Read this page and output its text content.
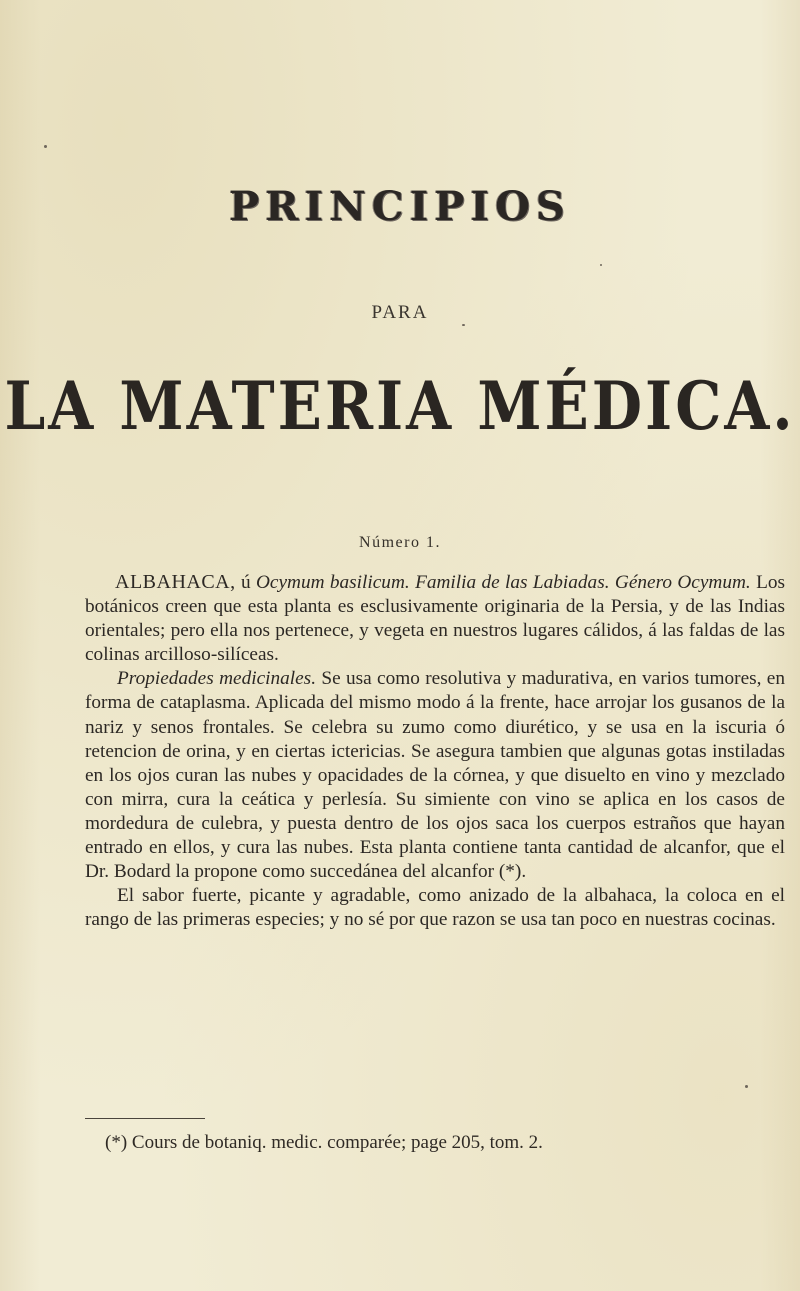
PRINCIPIOS
PARA
LA MATERIA MÉDICA.
Número 1.

ALBAHACA, ú Ocymum basilicum. Familia de las Labiadas. Género Ocymum. Los botánicos creen que esta planta es esclusivamente originaria de la Persia, y de las Indias orientales; pero ella nos pertenece, y vegeta en nuestros lugares cálidos, á las faldas de las colinas arcilloso-silíceas.

Propiedades medicinales. Se usa como resolutiva y madurativa, en varios tumores, en forma de cataplasma. Aplicada del mismo modo á la frente, hace arrojar los gusanos de la nariz y senos frontales. Se celebra su zumo como diurético, y se usa en la iscuria ó retencion de orina, y en ciertas ictericias. Se asegura tambien que algunas gotas instiladas en los ojos curan las nubes y opacidades de la córnea, y que disuelto en vino y mezclado con mirra, cura la ceática y perlesía. Su simiente con vino se aplica en los casos de mordedura de culebra, y puesta dentro de los ojos saca los cuerpos estraños que hayan entrado en ellos, y cura las nubes. Esta planta contiene tanta cantidad de alcanfor, que el Dr. Bodard la propone como succedánea del alcanfor (*).

El sabor fuerte, picante y agradable, como anizado de la albahaca, la coloca en el rango de las primeras especies; y no sé por que razon se usa tan poco en nuestras cocinas.

(*) Cours de botaniq. medic. comparée; page 205, tom. 2.
